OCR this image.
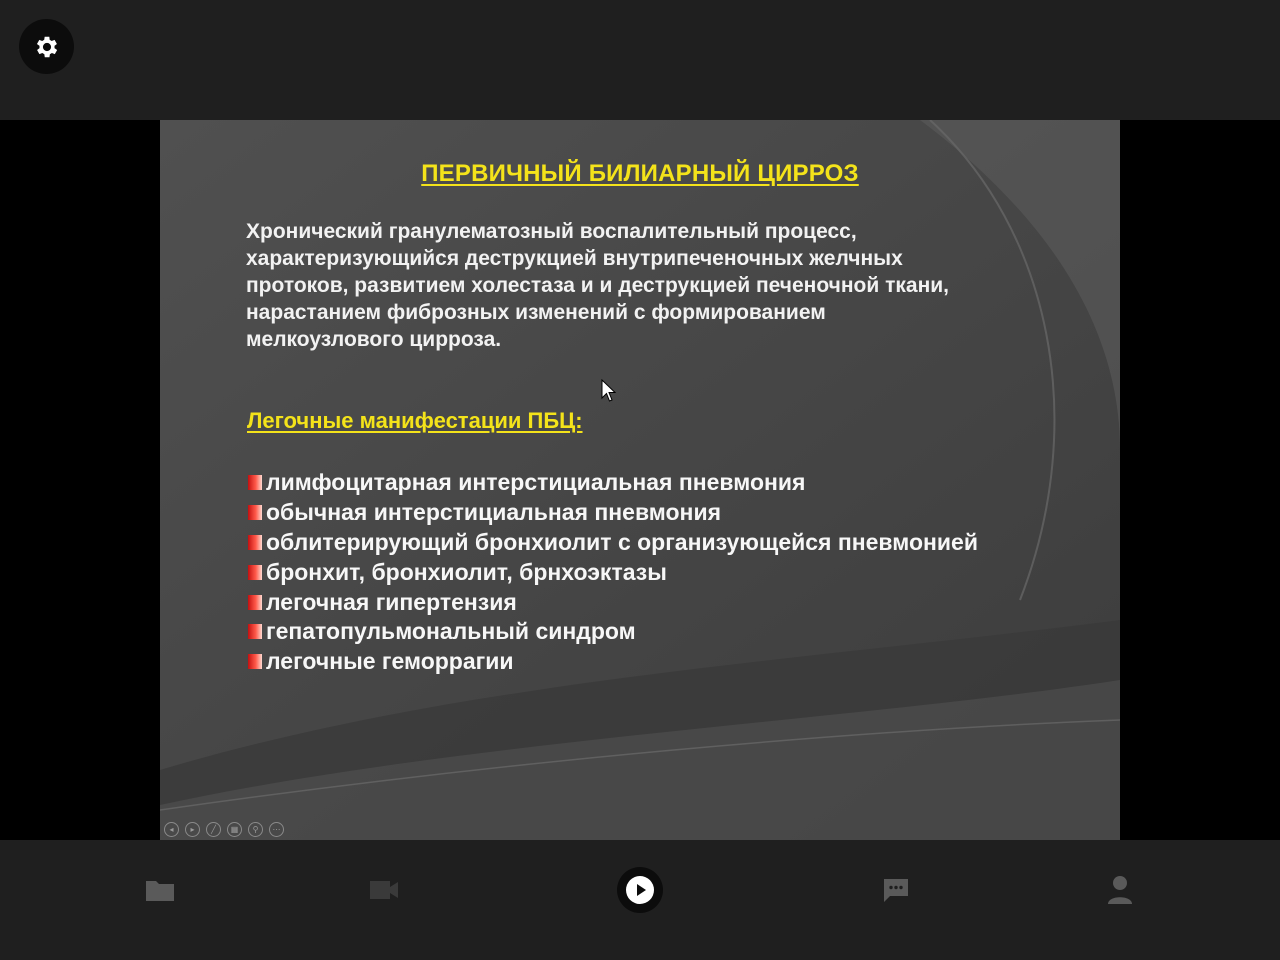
ПЕРВИЧНЫЙ БИЛИАРНЫЙ ЦИРРОЗ
Хронический гранулематозный воспалительный процесс,
характеризующийся деструкцией внутрипеченочных желчных
протоков, развитием холестаза и и деструкцией печеночной ткани,
нарастанием фиброзных изменений с формированием
мелкоузлового цирроза.
Легочные манифестации ПБЦ:
лимфоцитарная интерстициальная пневмония
обычная интерстициальная пневмония
облитерирующий бронхиолит с организующейся пневмонией
бронхит, бронхиолит, брнхоэктазы
легочная гипертензия
гепатопульмональный синдром
легочные геморрагии
◂	▸	╱	▦	⚲	⋯
